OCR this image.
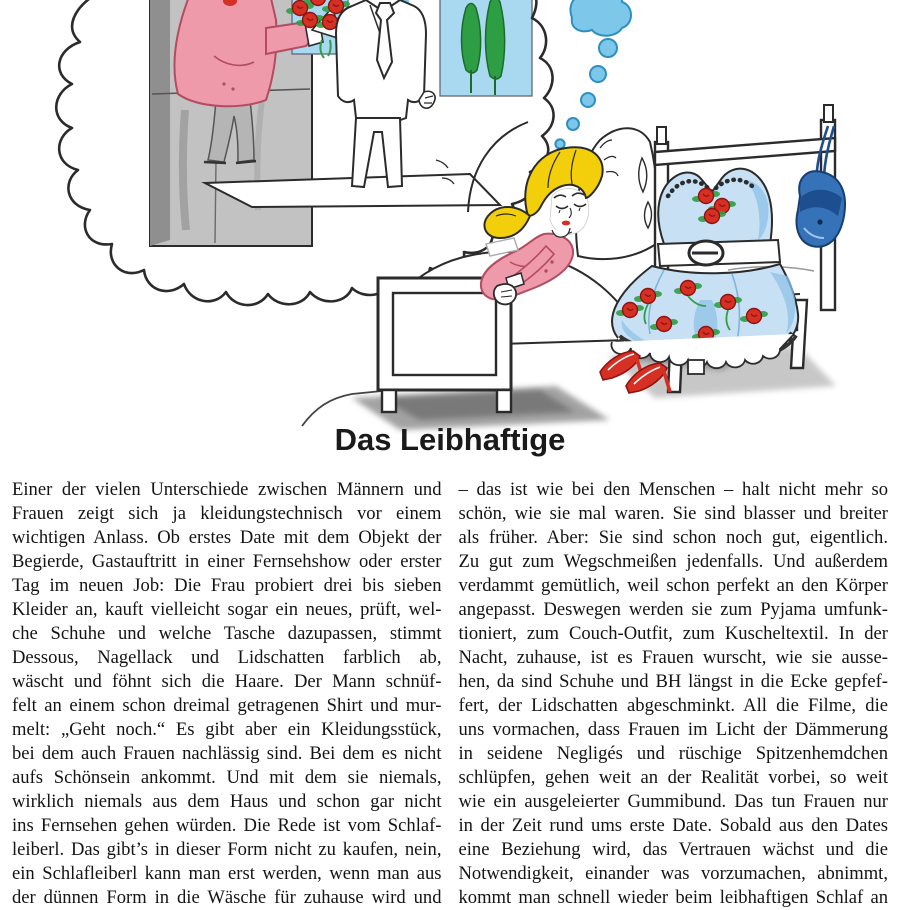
Das Leibhaftige
Einer der vielen Unterschiede zwischen Männern und
Frauen zeigt sich ja kleidungstechnisch vor einem
wichtigen Anlass. Ob erstes Date mit dem Objekt der
Begierde, Gastauftritt in einer Fernsehshow oder erster
Tag im neuen Job: Die Frau probiert drei bis sieben
Kleider an, kauft vielleicht sogar ein neues, prüft, wel-
che Schuhe und welche Tasche dazupassen, stimmt
Dessous, Nagellack und Lidschatten farblich ab,
wäscht und föhnt sich die Haare. Der Mann schnüf-
felt an einem schon dreimal getragenen Shirt und mur-
melt: „Geht noch.“ Es gibt aber ein Kleidungsstück,
bei dem auch Frauen nachlässig sind. Bei dem es nicht
aufs Schönsein ankommt. Und mit dem sie niemals,
wirklich niemals aus dem Haus und schon gar nicht
ins Fernsehen gehen würden. Die Rede ist vom Schlaf-
leiberl. Das gibt’s in dieser Form nicht zu kaufen, nein,
ein Schlafleiberl kann man erst werden, wenn man aus
der dünnen Form in die Wäsche für zuhause wird und
– das ist wie bei den Menschen – halt nicht mehr so
schön, wie sie mal waren. Sie sind blasser und breiter
als früher. Aber: Sie sind schon noch gut, eigentlich.
Zu gut zum Wegschmeißen jedenfalls. Und außerdem
verdammt gemütlich, weil schon perfekt an den Körper
angepasst. Deswegen werden sie zum Pyjama umfunk-
tioniert, zum Couch-Outfit, zum Kuscheltextil. In der
Nacht, zuhause, ist es Frauen wurscht, wie sie ausse-
hen, da sind Schuhe und BH längst in die Ecke gepfef-
fert, der Lidschatten abgeschminkt. All die Filme, die
uns vormachen, dass Frauen im Licht der Dämmerung
in seidene Negligés und rüschige Spitzenhemdchen
schlüpfen, gehen weit an der Realität vorbei, so weit
wie ein ausgeleierter Gummibund. Das tun Frauen nur
in der Zeit rund ums erste Date. Sobald aus den Dates
eine Beziehung wird, das Vertrauen wächst und die
Notwendigkeit, einander was vorzumachen, abnimmt,
kommt man schnell wieder beim leibhaftigen Schlaf an
